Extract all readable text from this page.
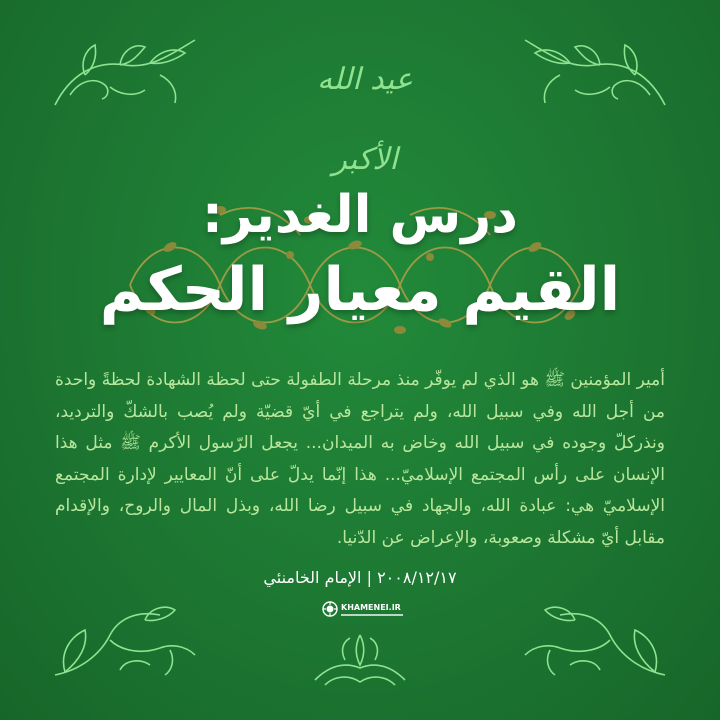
عيد الله الأكبر
درس الغدير:
القيم معيار الحكم
أمير المؤمنين ﷺ هو الذي لم يوفّر منذ مرحلة الطفولة حتى لحظة الشهادة لحظةً واحدة من أجل الله وفي سبيل الله، ولم يتراجع في أيّ قضيّة ولم يُصب بالشكّ والترديد، ونذركلّ وجوده في سبيل الله وخاض به الميدان... يجعل الرّسول الأكرم ﷺ مثل هذا الإنسان على رأس المجتمع الإسلاميّ... هذا إنّما يدلّ على أنّ المعايير لإدارة المجتمع الإسلاميّ هي: عبادة الله، والجهاد في سبيل رضا الله، وبذل المال والروح، والإقدام مقابل أيّ مشكلة وصعوبة، والإعراض عن الدّنيا.
۲۰۰۸/۱۲/۱۷ | الإمام الخامنئي
KHAMENEI.IR
